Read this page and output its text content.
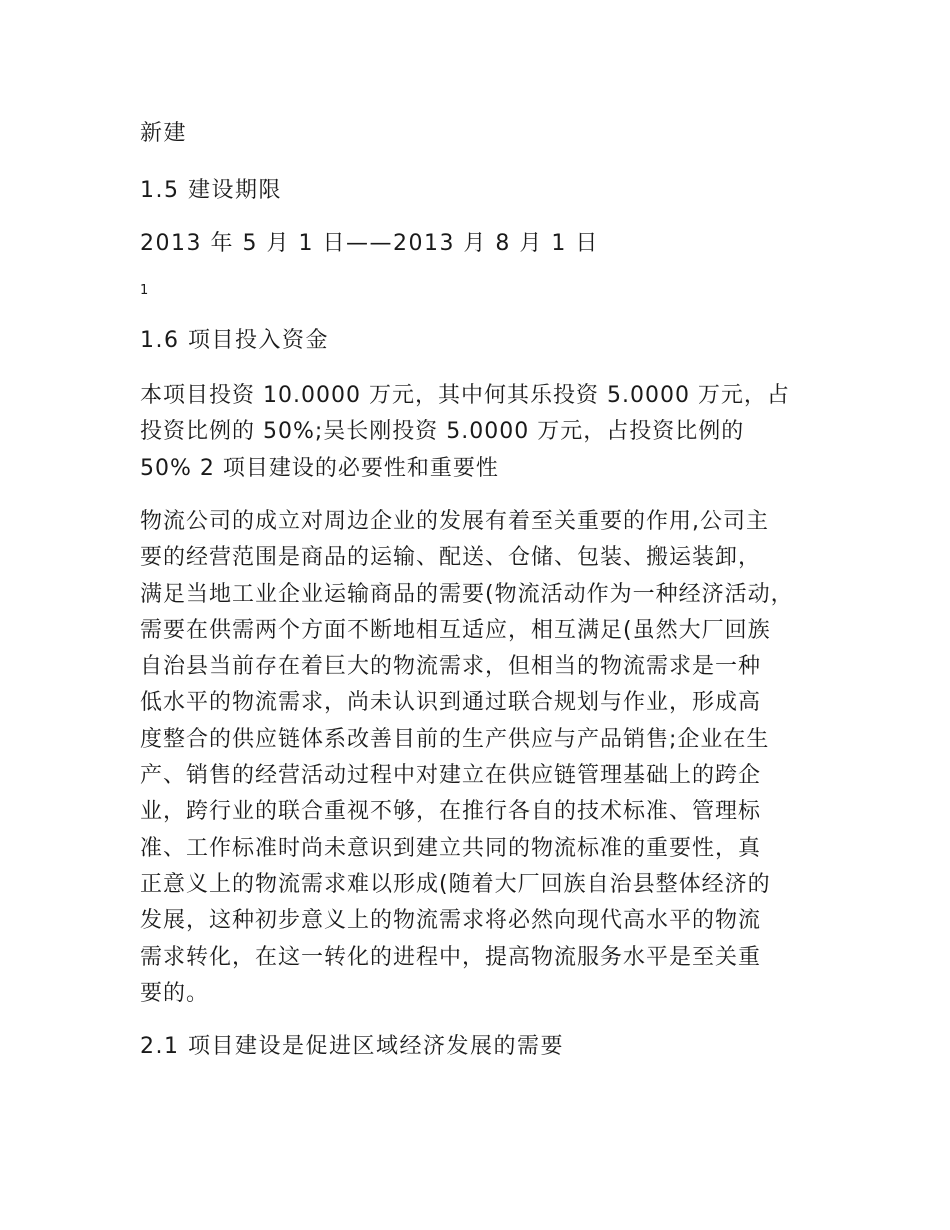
新建
1.5 建设期限
2013 年 5 月 1 日——2013 月 8 月 1 日
1
1.6 项目投入资金
本项目投资 10.0000 万元，其中何其乐投资 5.0000 万元，占
投资比例的 50%;吴长刚投资 5.0000 万元，占投资比例的
50% 2 项目建设的必要性和重要性
物流公司的成立对周边企业的发展有着至关重要的作用,公司主
要的经营范围是商品的运输、配送、仓储、包装、搬运装卸，
满足当地工业企业运输商品的需要(物流活动作为一种经济活动，
需要在供需两个方面不断地相互适应，相互满足(虽然大厂回族
自治县当前存在着巨大的物流需求，但相当的物流需求是一种
低水平的物流需求，尚未认识到通过联合规划与作业，形成高
度整合的供应链体系改善目前的生产供应与产品销售;企业在生
产、销售的经营活动过程中对建立在供应链管理基础上的跨企
业，跨行业的联合重视不够，在推行各自的技术标准、管理标
准、工作标准时尚未意识到建立共同的物流标准的重要性，真
正意义上的物流需求难以形成(随着大厂回族自治县整体经济的
发展，这种初步意义上的物流需求将必然向现代高水平的物流
需求转化，在这一转化的进程中，提高物流服务水平是至关重
要的。
2.1 项目建设是促进区域经济发展的需要
